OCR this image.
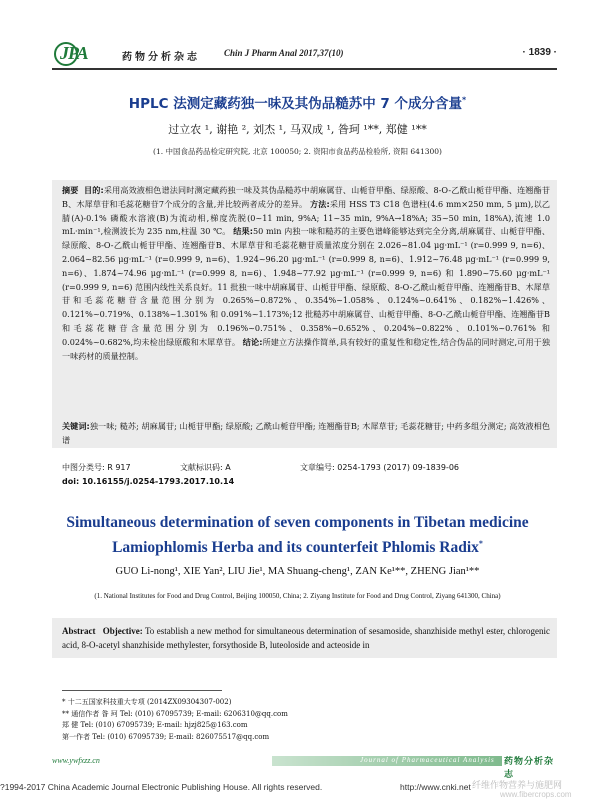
JPA	药物分析杂志	Chin J Pharm Anal 2017,37(10)	· 1839 ·
HPLC 法测定藏药独一味及其伪品糙苏中 7 个成分含量*
过立农 ¹, 谢艳 ², 刘杰 ¹, 马双成 ¹, 昝珂 ¹**, 郑健 ¹**
(1. 中国食品药品检定研究院, 北京 100050; 2. 资阳市食品药品检验所, 资阳 641300)
摘要 目的:采用高效液相色谱法同时测定藏药独一味及其伪品糙苏中胡麻属苷、山栀苷甲酯、绿原酸、8-O-乙酰山栀苷甲酯、连翘酯苷B、木犀草苷和毛蕊花糖苷7个成分的含量,并比较两者成分的差异。 方法:采用 HSS T3 C18 色谱柱(4.6 mm×250 mm, 5 μm),以乙腈(A)-0.1% 磷酸水溶液(B)为流动相,梯度洗脱(0~11 min, 9%A; 11~35 min, 9%A→18%A; 35~50 min, 18%A),流速 1.0 mL·min⁻¹,检测波长为 235 nm,柱温 30 ℃。 结果:50 min 内独一味和糙苏的主要色谱峰能够达到完全分离,胡麻属苷、山栀苷甲酯、绿原酸、8-O-乙酰山栀苷甲酯、连翘酯苷B、木犀草苷和毛蕊花糖苷质量浓度分别在 2.026~81.04 μg·mL⁻¹ (r=0.999 9, n=6)、2.064~82.56 μg·mL⁻¹ (r=0.999 9, n=6)、1.924~96.20 μg·mL⁻¹ (r=0.999 8, n=6)、1.912~76.48 μg·mL⁻¹ (r=0.999 9, n=6)、1.874~74.96 μg·mL⁻¹ (r=0.999 8, n=6)、1.948~77.92 μg·mL⁻¹ (r=0.999 9, n=6) 和 1.890~75.60 μg·mL⁻¹ (r=0.999 9, n=6) 范围内线性关系良好。11 批独一味中胡麻属苷、山栀苷甲酯、绿原酸、8-O-乙酰山栀苷甲酯、连翘酯苷B、木犀草苷和毛蕊花糖苷含量范围分别为 0.265%~0.872%、0.354%~1.058%、0.124%~0.641%、0.182%~1.426%、0.121%~0.719%、0.138%~1.301% 和 0.091%~1.173%;12 批糙苏中胡麻属苷、山栀苷甲酯、8-O-乙酰山栀苷甲酯、连翘酯苷B和毛蕊花糖苷含量范围分别为 0.196%~0.751%、0.358%~0.652%、0.204%~0.822%、0.101%~0.761% 和 0.024%~0.682%,均未检出绿原酸和木犀草苷。 结论:所建立方法操作简单,具有较好的重复性和稳定性,结合伪品的同时测定,可用于独一味药材的质量控制。
关键词:独一味; 糙苏; 胡麻属苷; 山栀苷甲酯; 绿原酸; 乙酰山栀苷甲酯; 连翘酯苷B; 木犀草苷; 毛蕊花糖苷; 中药多组分测定; 高效液相色谱
中图分类号: R 917	文献标识码: A	文章编号: 0254-1793 (2017) 09-1839-06
doi: 10.16155/j.0254-1793.2017.10.14
Simultaneous determination of seven components in Tibetan medicine Lamiophlomis Herba and its counterfeit Phlomis Radix*
GUO Li-nong¹, XIE Yan², LIU Jie¹, MA Shuang-cheng¹, ZAN Ke¹**, ZHENG Jian¹**
(1. National Institutes for Food and Drug Control, Beijing 100050, China; 2. Ziyang Institute for Food and Drug Control, Ziyang 641300, China)
Abstract Objective: To establish a new method for simultaneous determination of sesamoside, shanzhiside methyl ester, chlorogenic acid, 8-O-acetyl shanzhiside methylester, forsythoside B, luteoloside and acteoside in
* 十二五国家科技重大专项 (2014ZX09304307-002)
** 通信作者 昝 珂 Tel: (010) 67095739; E-mail: 6206310@qq.com
郑 健 Tel: (010) 67095739; E-mail: hjzj825@163.com
第一作者 Tel: (010) 67095739; E-mail: 826075517@qq.com
www.ywfxzz.cn	Journal of Pharmaceutical Analysis 药物分析杂志
?1994-2017 China Academic Journal Electronic Publishing House. All rights reserved.	http://www.cnki.net 纤维作物营养与施肥网
www.fibercrops.com
